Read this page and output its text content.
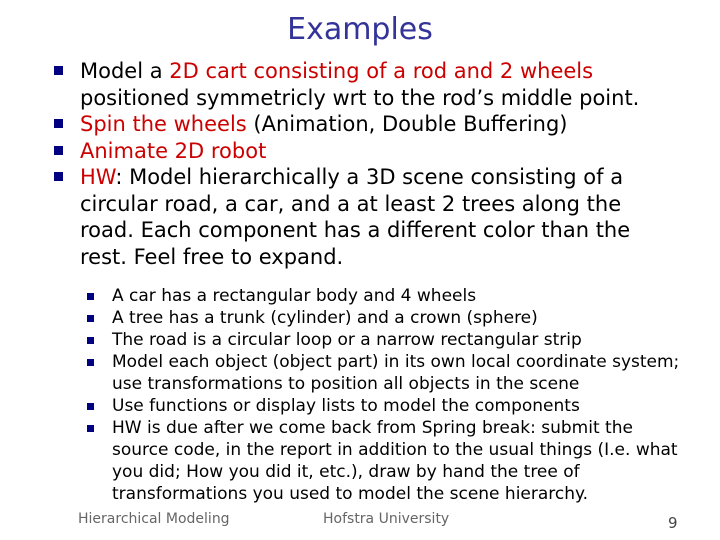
Examples
Model a 2D cart consisting of a rod and 2 wheels positioned symmetricly wrt to the rod’s middle point.
Spin the wheels (Animation, Double Buffering)
Animate 2D robot
HW: Model hierarchically a 3D scene consisting of a circular road, a car, and a at least 2 trees along the road. Each component has a different color than the rest. Feel free to expand.
A car has a rectangular body and 4 wheels
A tree has a trunk (cylinder) and a crown (sphere)
The road is a circular loop or a narrow rectangular strip
Model each object (object part) in its own local coordinate system; use transformations to position all objects in the scene
Use functions or display lists to model the components
HW is due after we come back from Spring break: submit the source code, in the report in addition to the usual things (I.e. what you did; How you did it, etc.), draw by hand the tree of transformations you used to model the scene hierarchy.
Hierarchical Modeling	Hofstra University	9
